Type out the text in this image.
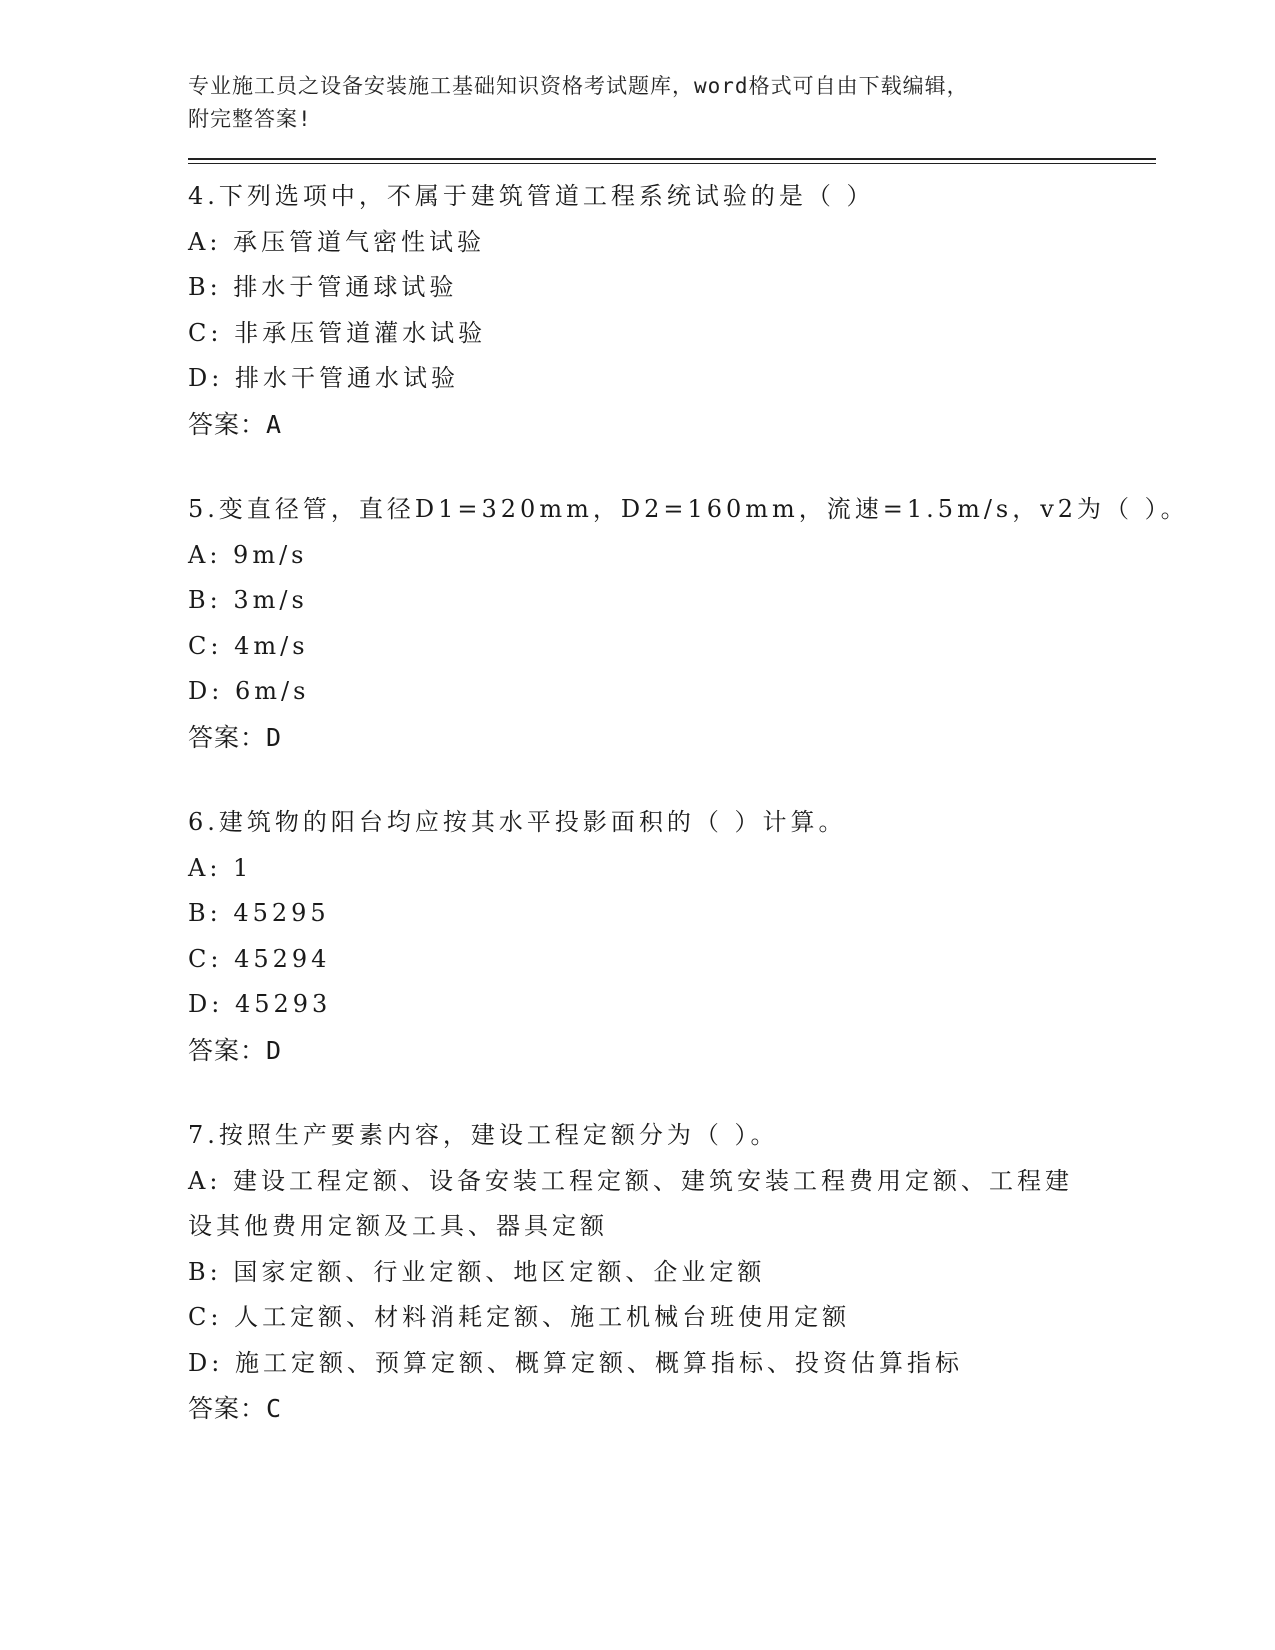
专业施工员之设备安装施工基础知识资格考试题库，word格式可自由下载编辑，
附完整答案!
4.下列选项中，不属于建筑管道工程系统试验的是（ ）
A: 承压管道气密性试验
B: 排水于管通球试验
C: 非承压管道灌水试验
D: 排水干管通水试验
答案：A
5.变直径管，直径D1=320mm，D2=160mm，流速=1.5m/s，v2为（ ）。
A: 9m/s
B: 3m/s
C: 4m/s
D: 6m/s
答案：D
6.建筑物的阳台均应按其水平投影面积的（ ）计算。
A: 1
B: 45295
C: 45294
D: 45293
答案：D
7.按照生产要素内容，建设工程定额分为（ ）。
A: 建设工程定额、设备安装工程定额、建筑安装工程费用定额、工程建设其他费用定额及工具、器具定额
B: 国家定额、行业定额、地区定额、企业定额
C: 人工定额、材料消耗定额、施工机械台班使用定额
D: 施工定额、预算定额、概算定额、概算指标、投资估算指标
答案：C
